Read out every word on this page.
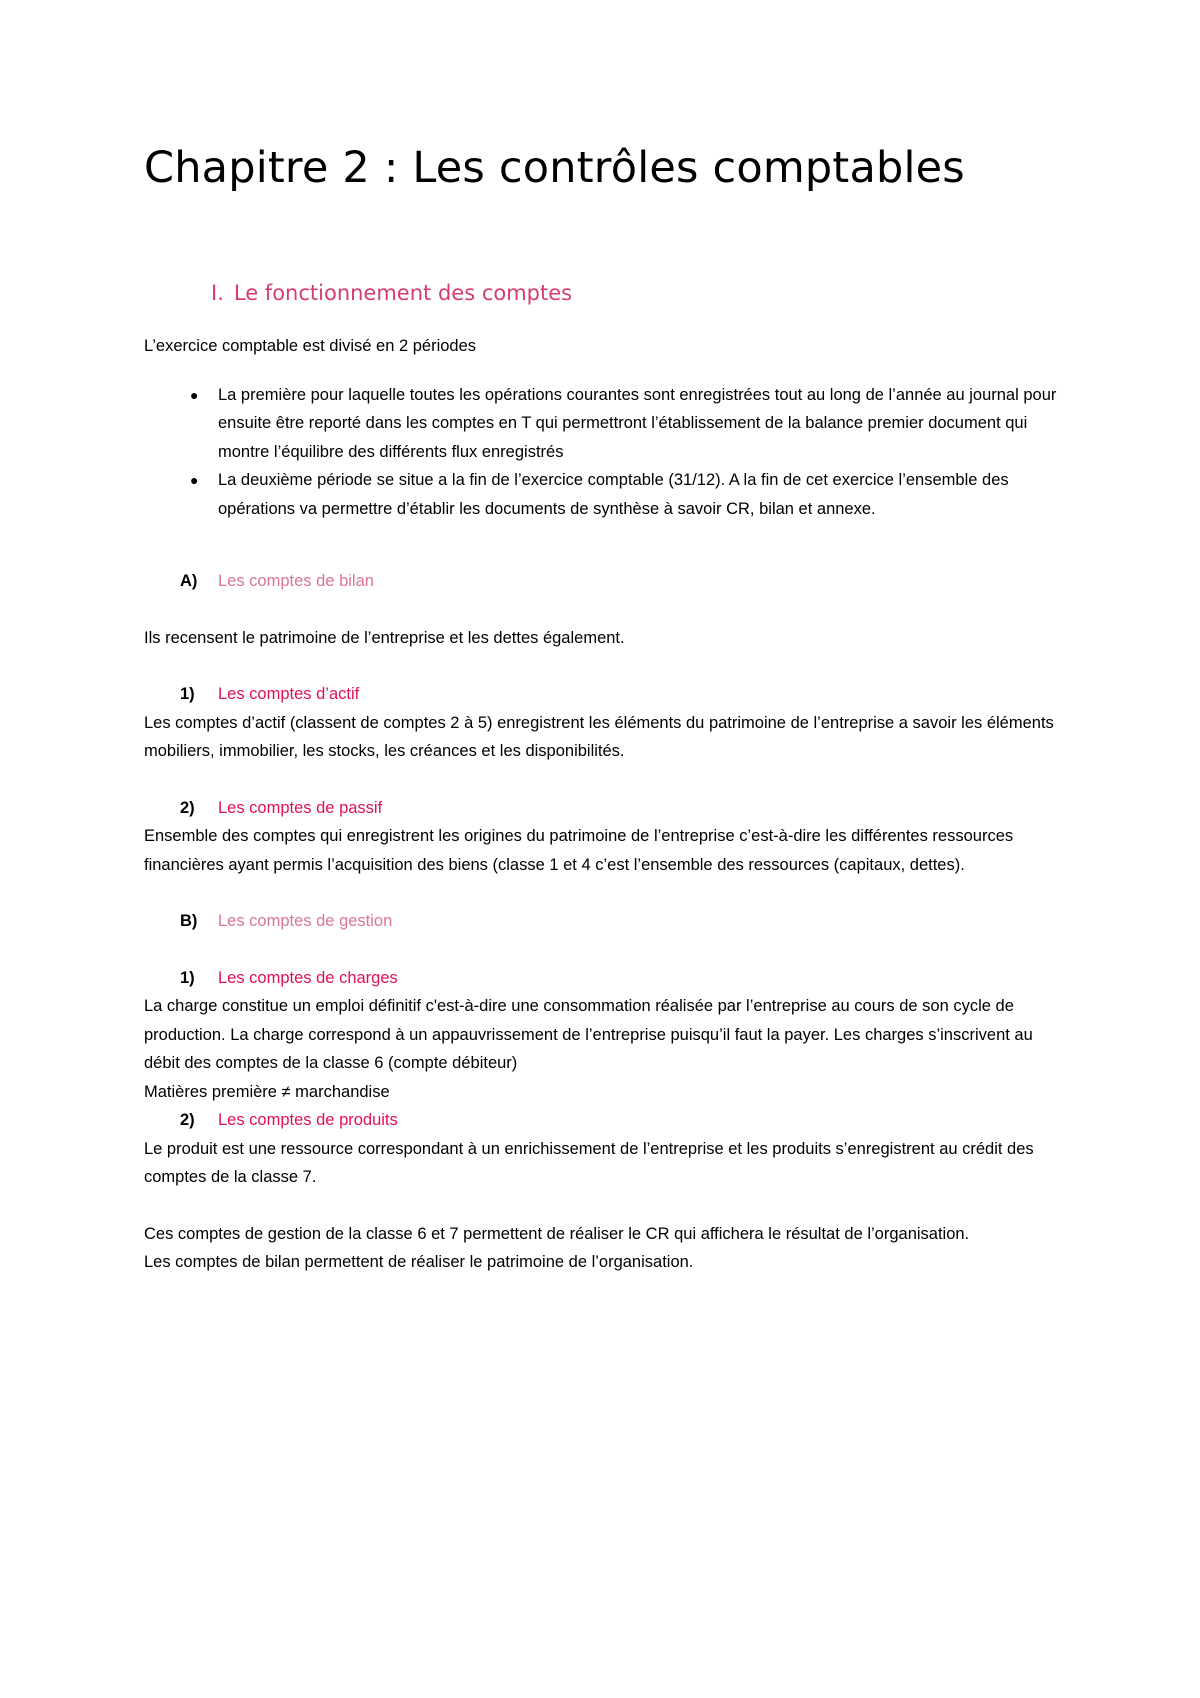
Chapitre 2 : Les contrôles comptables
I. Le fonctionnement des comptes

L’exercice comptable est divisé en 2 périodes

● La première pour laquelle toutes les opérations courantes sont enregistrées tout au long de l’année au journal pour ensuite être reporté dans les comptes en T qui permettront l’établissement de la balance premier document qui montre l’équilibre des différents flux enregistrés
● La deuxième période se situe a la fin de l’exercice comptable (31/12). A la fin de cet exercice l’ensemble des opérations va permettre d’établir les documents de synthèse à savoir CR, bilan et annexe.

A) Les comptes de bilan

Ils recensent le patrimoine de l’entreprise et les dettes également.

1) Les comptes d’actif

Les comptes d’actif (classent de comptes 2 à 5) enregistrent les éléments du patrimoine de l’entreprise a savoir les éléments mobiliers, immobilier, les stocks, les créances et les disponibilités.

2) Les comptes de passif

Ensemble des comptes qui enregistrent les origines du patrimoine de l’entreprise c’est-à-dire les différentes ressources financières ayant permis l’acquisition des biens (classe 1 et 4 c’est l’ensemble des ressources (capitaux, dettes).

B) Les comptes de gestion

1) Les comptes de charges

La charge constitue un emploi définitif c'est-à-dire une consommation réalisée par l’entreprise au cours de son cycle de production. La charge correspond à un appauvrissement de l’entreprise puisqu’il faut la payer. Les charges s’inscrivent au débit des comptes de la classe 6 (compte débiteur)

Matières première ≠ marchandise

2) Les comptes de produits

Le produit est une ressource correspondant à un enrichissement de l’entreprise et les produits s’enregistrent au crédit des comptes de la classe 7.

Ces comptes de gestion de la classe 6 et 7 permettent de réaliser le CR qui affichera le résultat de l’organisation.

Les comptes de bilan permettent de réaliser le patrimoine de l’organisation.
